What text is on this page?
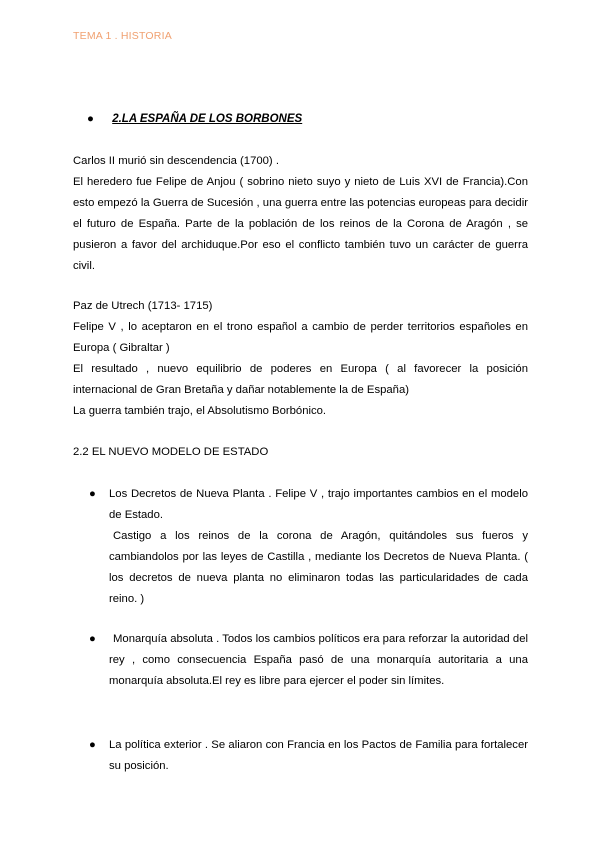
TEMA 1 . HISTORIA
● 2.LA ESPAÑA DE LOS BORBONES

Carlos II murió sin descendencia (1700) .

El heredero fue Felipe de Anjou ( sobrino nieto suyo y nieto de Luis XVI de Francia).Con esto empezó la Guerra de Sucesión , una guerra entre las potencias europeas para decidir el futuro de España. Parte de la población de los reinos de la Corona de Aragón , se pusieron a favor del archiduque.Por eso el conflicto también tuvo un carácter de guerra civil.

Paz de Utrech (1713- 1715)

Felipe V , lo aceptaron en el trono español a cambio de perder territorios españoles en Europa ( Gibraltar )

El resultado , nuevo equilibrio de poderes en Europa ( al favorecer la posición internacional de Gran Bretaña y dañar notablemente la de España)

La guerra también trajo, el Absolutismo Borbónico.

2.2 EL NUEVO MODELO DE ESTADO
● Los Decretos de Nueva Planta . Felipe V , trajo importantes cambios en el modelo de Estado.

Castigo a los reinos de la corona de Aragón, quitándoles sus fueros y cambiandolos por las leyes de Castilla , mediante los Decretos de Nueva Planta. ( los decretos de nueva planta no eliminaron todas las particularidades de cada reino. )

●	Monarquía absoluta . Todos los cambios políticos era para reforzar la autoridad del rey , como consecuencia España pasó de una monarquía autoritaria a una monarquía absoluta.El rey es libre para ejercer el poder sin límites.

● La política exterior . Se aliaron con Francia en los Pactos de Familia para fortalecer su posición.
